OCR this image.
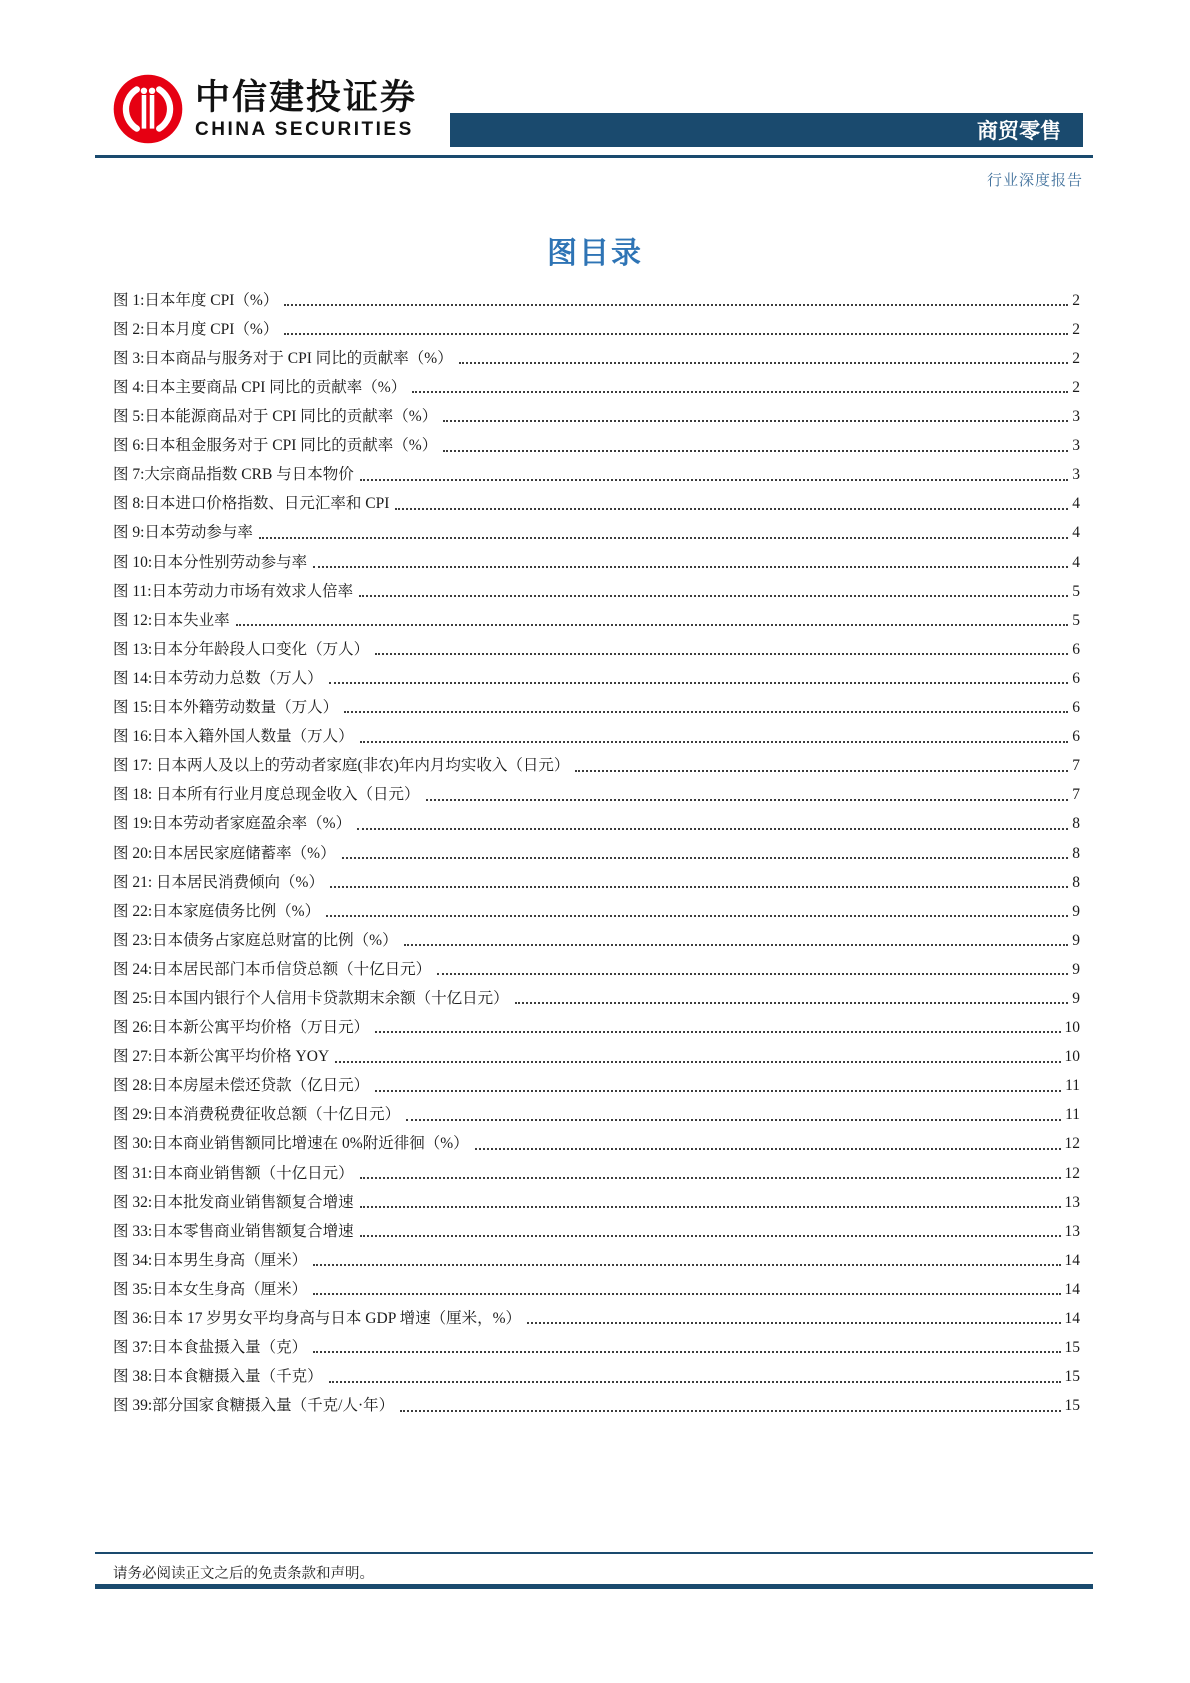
中信建投证券
CHINA SECURITIES	商贸零售
行业深度报告
图目录
图 1:日本年度 CPI（%）	2
图 2:日本月度 CPI（%）	2
图 3:日本商品与服务对于 CPI 同比的贡献率（%）	2
图 4:日本主要商品 CPI 同比的贡献率（%）	2
图 5:日本能源商品对于 CPI 同比的贡献率（%）	3
图 6:日本租金服务对于 CPI 同比的贡献率（%）	3
图 7:大宗商品指数 CRB 与日本物价	3
图 8:日本进口价格指数、日元汇率和 CPI	4
图 9:日本劳动参与率	4
图 10:日本分性别劳动参与率	4
图 11:日本劳动力市场有效求人倍率	5
图 12:日本失业率	5
图 13:日本分年龄段人口变化（万人）	6
图 14:日本劳动力总数（万人）	6
图 15:日本外籍劳动数量（万人）	6
图 16:日本入籍外国人数量（万人）	6
图 17: 日本两人及以上的劳动者家庭(非农)年内月均实收入（日元）	7
图 18: 日本所有行业月度总现金收入（日元）	7
图 19:日本劳动者家庭盈余率（%）	8
图 20:日本居民家庭储蓄率（%）	8
图 21: 日本居民消费倾向（%）	8
图 22:日本家庭债务比例（%）	9
图 23:日本债务占家庭总财富的比例（%）	9
图 24:日本居民部门本币信贷总额（十亿日元）	9
图 25:日本国内银行个人信用卡贷款期末余额（十亿日元）	9
图 26:日本新公寓平均价格（万日元）	10
图 27:日本新公寓平均价格 YOY	10
图 28:日本房屋未偿还贷款（亿日元）	11
图 29:日本消费税费征收总额（十亿日元）	11
图 30:日本商业销售额同比增速在 0%附近徘徊（%）	12
图 31:日本商业销售额（十亿日元）	12
图 32:日本批发商业销售额复合增速	13
图 33:日本零售商业销售额复合增速	13
图 34:日本男生身高（厘米）	14
图 35:日本女生身高（厘米）	14
图 36:日本 17 岁男女平均身高与日本 GDP 增速（厘米，%）	14
图 37:日本食盐摄入量（克）	15
图 38:日本食糖摄入量（千克）	15
图 39:部分国家食糖摄入量（千克/人·年）	15
请务必阅读正文之后的免责条款和声明。
